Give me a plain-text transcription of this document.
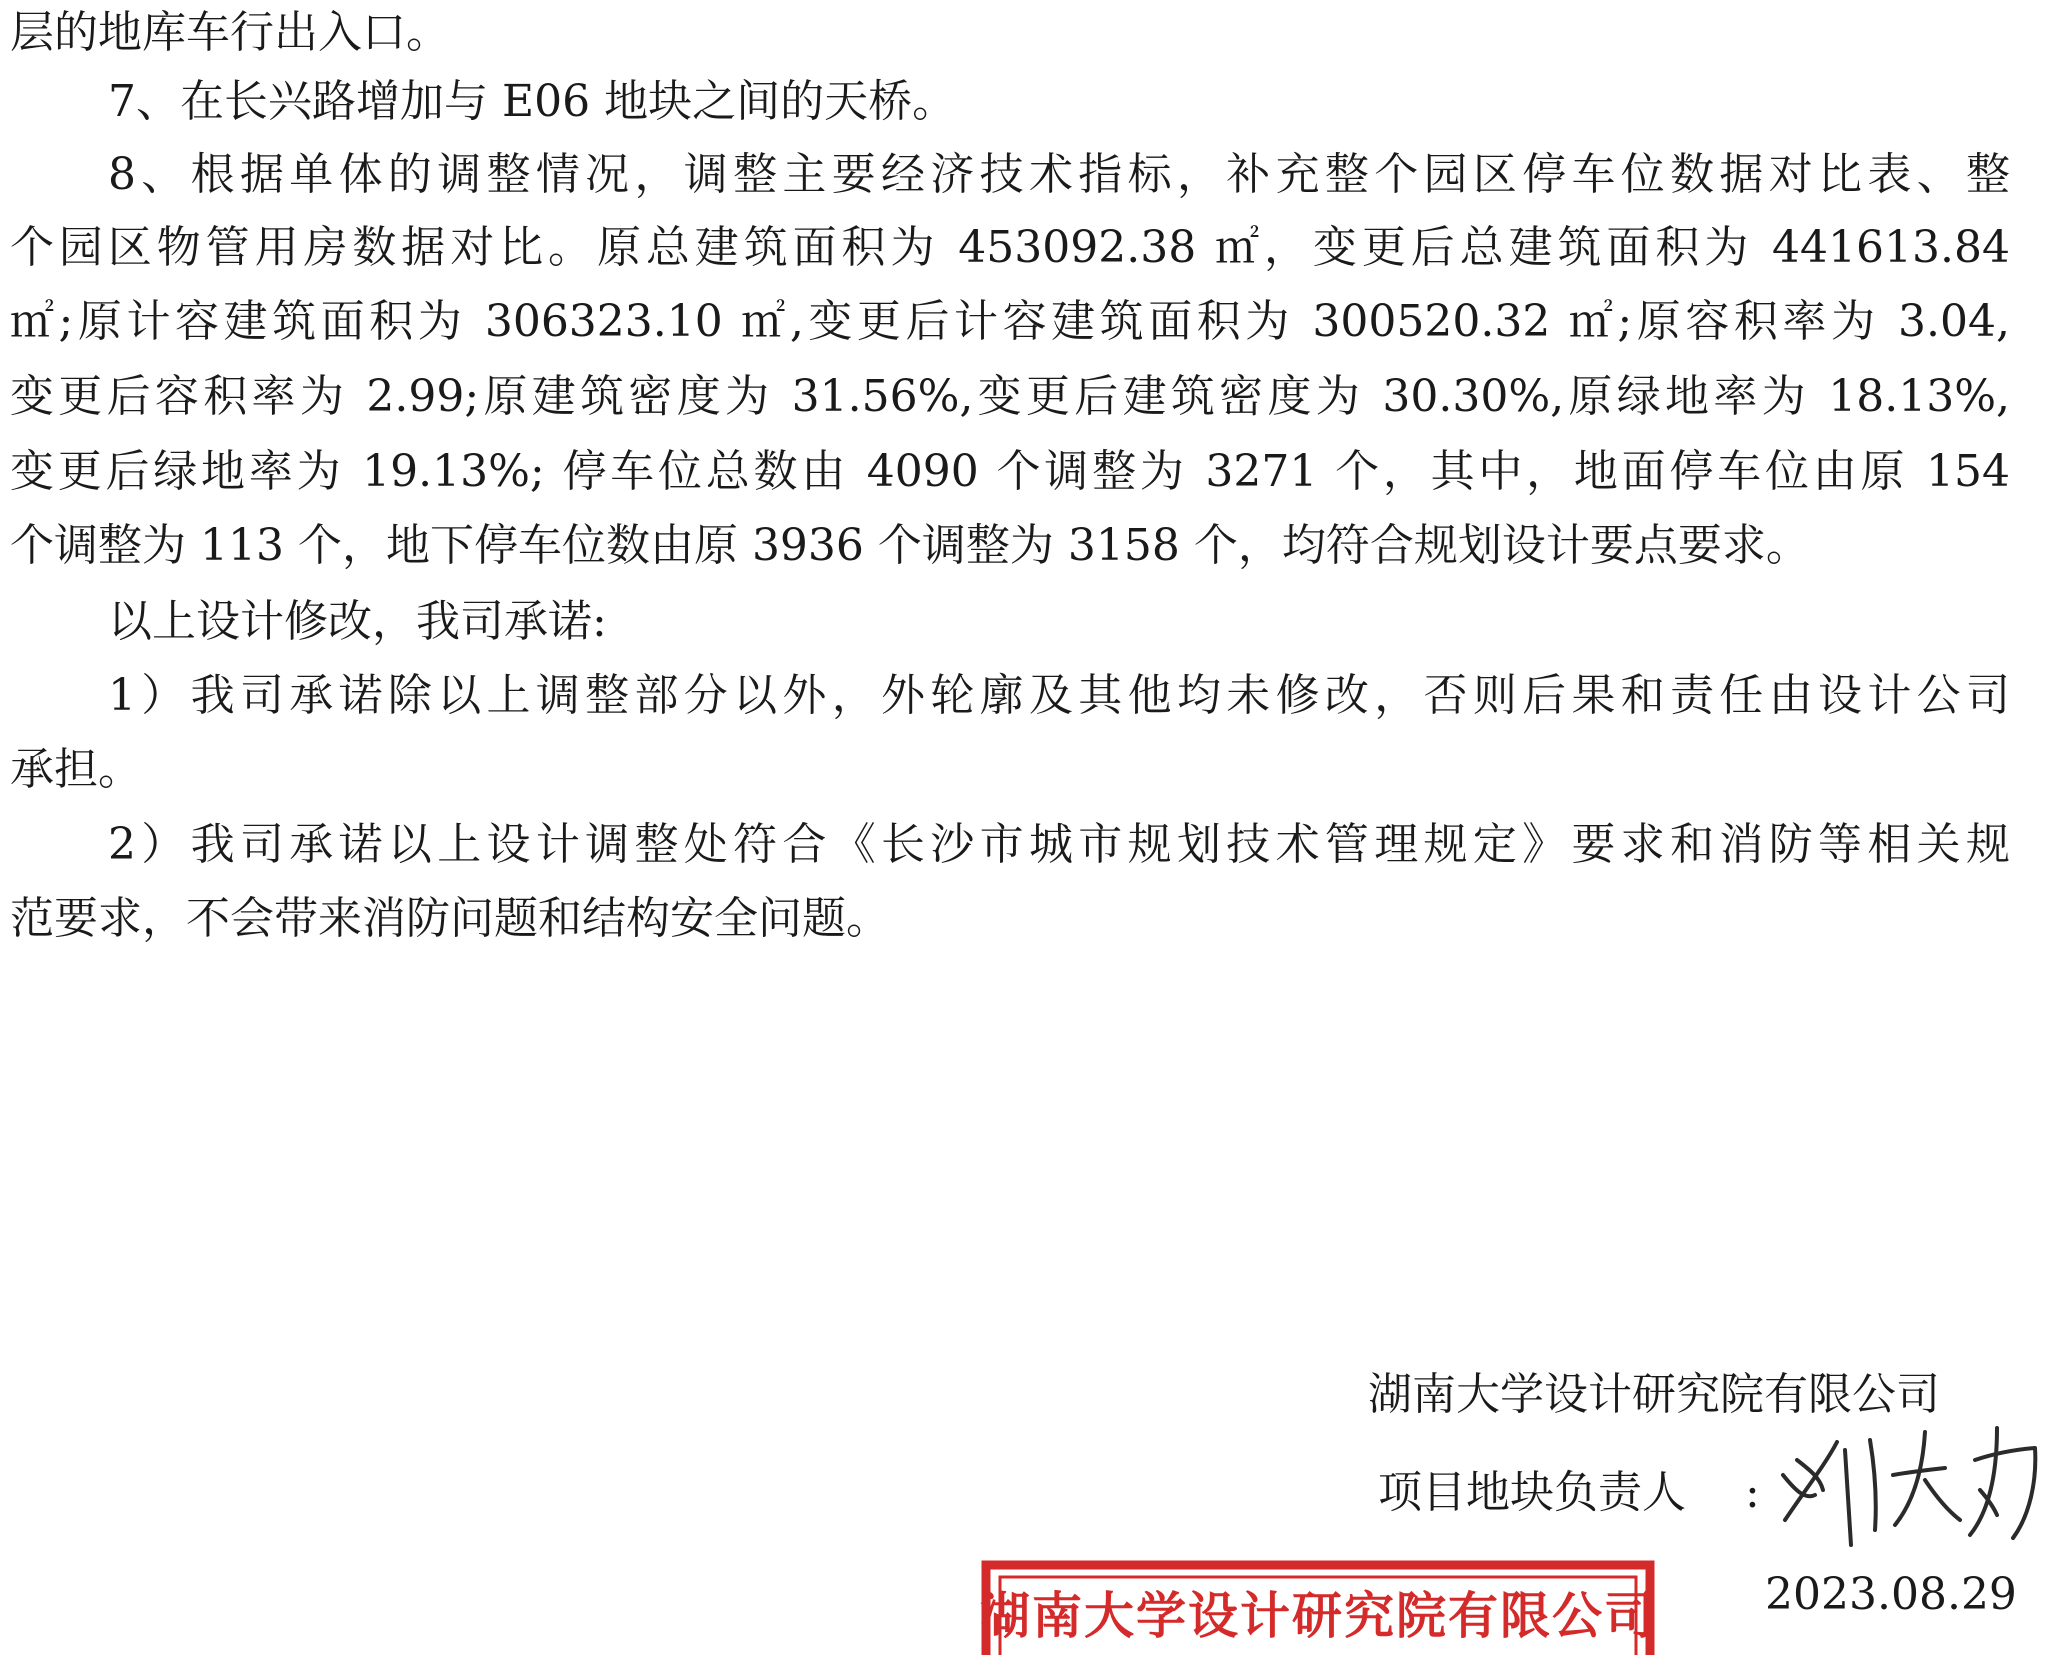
层的地库车行出入口。
7、在长兴路增加与 E06 地块之间的天桥。
8、根据单体的调整情况，调整主要经济技术指标，补充整个园区停车位数据对比表、整
个园区物管用房数据对比。原总建筑面积为 453092.38 ㎡，变更后总建筑面积为 441613.84
㎡;原计容建筑面积为 306323.10 ㎡,变更后计容建筑面积为 300520.32 ㎡;原容积率为 3.04,
变更后容积率为 2.99;原建筑密度为 31.56%,变更后建筑密度为 30.30%,原绿地率为 18.13%,
变更后绿地率为 19.13%; 停车位总数由 4090 个调整为 3271 个，其中，地面停车位由原 154
个调整为 113 个，地下停车位数由原 3936 个调整为 3158 个，均符合规划设计要点要求。
以上设计修改，我司承诺:
1）我司承诺除以上调整部分以外，外轮廓及其他均未修改，否则后果和责任由设计公司
承担。
2）我司承诺以上设计调整处符合《长沙市城市规划技术管理规定》要求和消防等相关规
范要求，不会带来消防问题和结构安全问题。
湖南大学设计研究院有限公司
项目地块负责人 :
2023.08.29
湖南大学设计研究院有限公司
